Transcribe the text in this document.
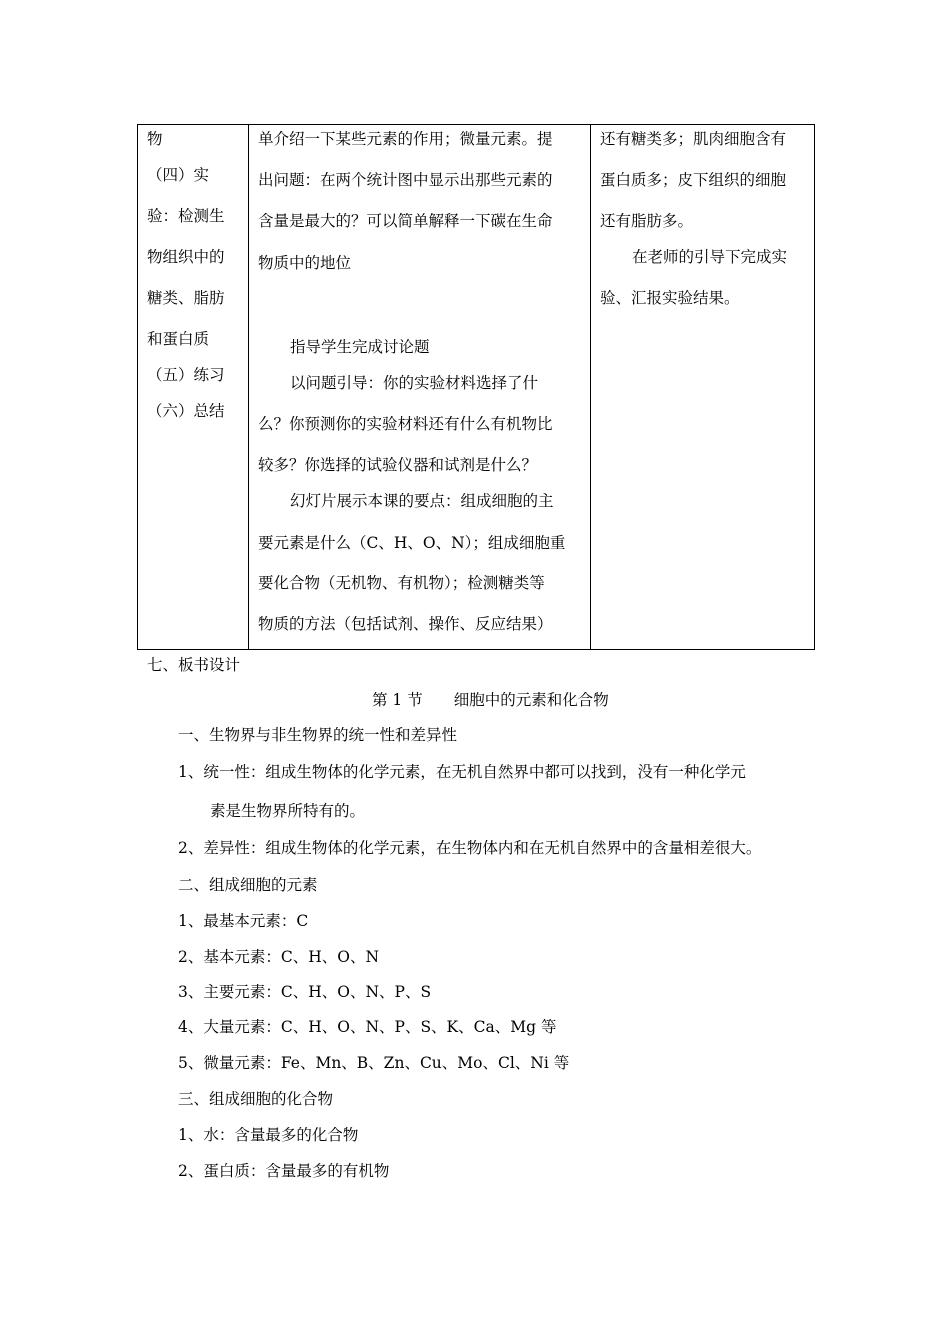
物
（四）实
验：检测生
物组织中的
糖类、脂肪
和蛋白质
（五）练习
（六）总结
单介绍一下某些元素的作用；微量元素。提
出问题：在两个统计图中显示出那些元素的
含量是最大的？可以简单解释一下碳在生命
物质中的地位
指导学生完成讨论题
以问题引导：你的实验材料选择了什
么？你预测你的实验材料还有什么有机物比
较多？你选择的试验仪器和试剂是什么？
幻灯片展示本课的要点：组成细胞的主
要元素是什么（C、H、O、N）；组成细胞重
要化合物（无机物、有机物）；检测糖类等
物质的方法（包括试剂、操作、反应结果）
还有糖类多；肌肉细胞含有
蛋白质多；皮下组织的细胞
还有脂肪多。
在老师的引导下完成实
验、汇报实验结果。
七、板书设计
第 1 节　　细胞中的元素和化合物
一、生物界与非生物界的统一性和差异性
1、统一性：组成生物体的化学元素，在无机自然界中都可以找到，没有一种化学元
素是生物界所特有的。
2、差异性：组成生物体的化学元素，在生物体内和在无机自然界中的含量相差很大。
二、组成细胞的元素
1、最基本元素：C
2、基本元素：C、H、O、N
3、主要元素：C、H、O、N、P、S
4、大量元素：C、H、O、N、P、S、K、Ca、Mg 等
5、微量元素：Fe、Mn、B、Zn、Cu、Mo、Cl、Ni 等
三、组成细胞的化合物
1、水：含量最多的化合物
2、蛋白质：含量最多的有机物
